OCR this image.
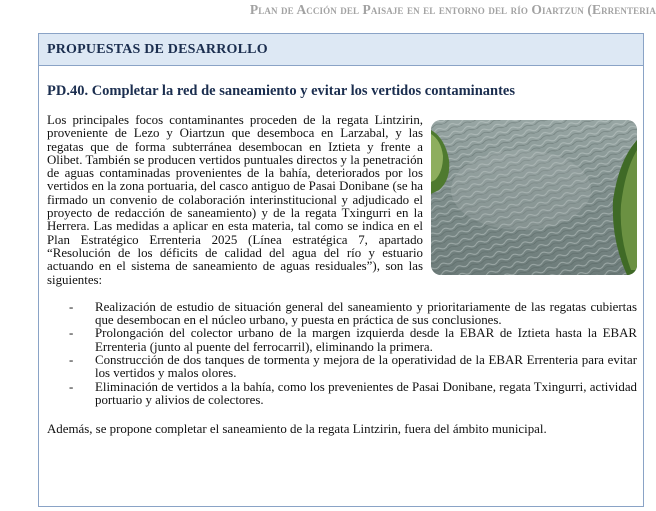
Plan de Acción del Paisaje en el entorno del río Oiartzun (Errenteria
PROPUESTAS DE DESARROLLO
PD.40. Completar la red de saneamiento y evitar los vertidos contaminantes

Los principales focos contaminantes proceden de la regata Lintzirin, proveniente de Lezo y Oiartzun que desemboca en Larzabal, y las regatas que de forma subterránea desembocan en Iztieta y frente a Olibet. También se producen vertidos puntuales directos y la penetración de aguas contaminadas provenientes de la bahía, deteriorados por los vertidos en la zona portuaria, del casco antiguo de Pasai Donibane (se ha firmado un convenio de colaboración interinstitucional y adjudicado el proyecto de redacción de saneamiento) y de la regata Txingurri en la Herrera. Las medidas a aplicar en esta materia, tal como se indica en el Plan Estratégico Errenteria 2025 (Línea estratégica 7, apartado “Resolución de los déficits de calidad del agua del río y estuario actuando en el sistema de saneamiento de aguas residuales”), son las siguientes:

- Realización de estudio de situación general del saneamiento y prioritariamente de las regatas cubiertas que desembocan en el núcleo urbano, y puesta en práctica de sus conclusiones.
- Prolongación del colector urbano de la margen izquierda desde la EBAR de Iztieta hasta la EBAR Errenteria (junto al puente del ferrocarril), eliminando la primera.
- Construcción de dos tanques de tormenta y mejora de la operatividad de la EBAR Errenteria para evitar los vertidos y malos olores.
- Eliminación de vertidos a la bahía, como los prevenientes de Pasai Donibane, regata Txingurri, actividad portuario y alivios de colectores.

Además, se propone completar el saneamiento de la regata Lintzirin, fuera del ámbito municipal.
